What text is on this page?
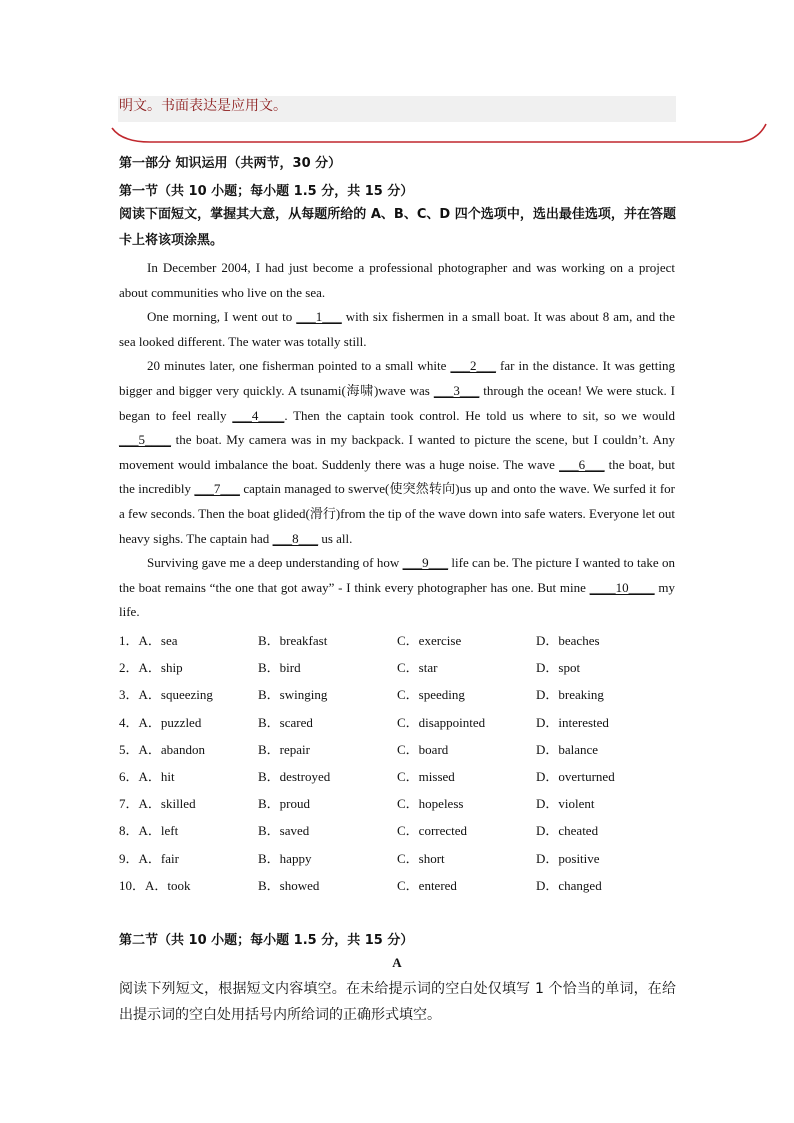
明文。书面表达是应用文。
第一部分 知识运用（共两节，30 分）
第一节（共 10 小题；每小题 1.5 分，共 15 分）
阅读下面短文，掌握其大意，从每题所给的 A、B、C、D 四个选项中，选出最佳选项，并在答题卡上将该项涂黑。

In December 2004, I had just become a professional photographer and was working on a project about communities who live on the sea.

One morning, I went out to ___1___ with six fishermen in a small boat. It was about 8 am, and the sea looked different. The water was totally still.

20 minutes later, one fisherman pointed to a small white ___2___ far in the distance. It was getting bigger and bigger very quickly. A tsunami(海啸)wave was ___3___ through the ocean! We were stuck. I began to feel really ___4____. Then the captain took control. He told us where to sit, so we would ___5____ the boat. My camera was in my backpack. I wanted to picture the scene, but I couldn’t. Any movement would imbalance the boat. Suddenly there was a huge noise. The wave ___6___ the boat, but the incredibly ___7___ captain managed to swerve(使突然转向)us up and onto the wave. We surfed it for a few seconds. Then the boat glided(滑行)from the tip of the wave down into safe waters. Everyone let out heavy sighs. The captain had ___8___ us all.

Surviving gave me a deep understanding of how ___9___ life can be. The picture I wanted to take on the boat remains “the one that got away” - I think every photographer has one. But mine ____10____ my life.

1．A．sea	B．breakfast	C．exercise	D．beaches
2．A．ship	B．bird	C．star	D．spot
3．A．squeezing	B．swinging	C．speeding	D．breaking
4．A．puzzled	B．scared	C．disappointed	D．interested
5．A．abandon	B．repair	C．board	D．balance
6．A．hit	B．destroyed	C．missed	D．overturned
7．A．skilled	B．proud	C．hopeless	D．violent
8．A．left	B．saved	C．corrected	D．cheated
9．A．fair	B．happy	C．short	D．positive
10．A．took	B．showed	C．entered	D．changed
第二节（共 10 小题；每小题 1.5 分，共 15 分）
A
阅读下列短文，根据短文内容填空。在未给提示词的空白处仅填写 1 个恰当的单词，在给出提示词的空白处用括号内所给词的正确形式填空。
